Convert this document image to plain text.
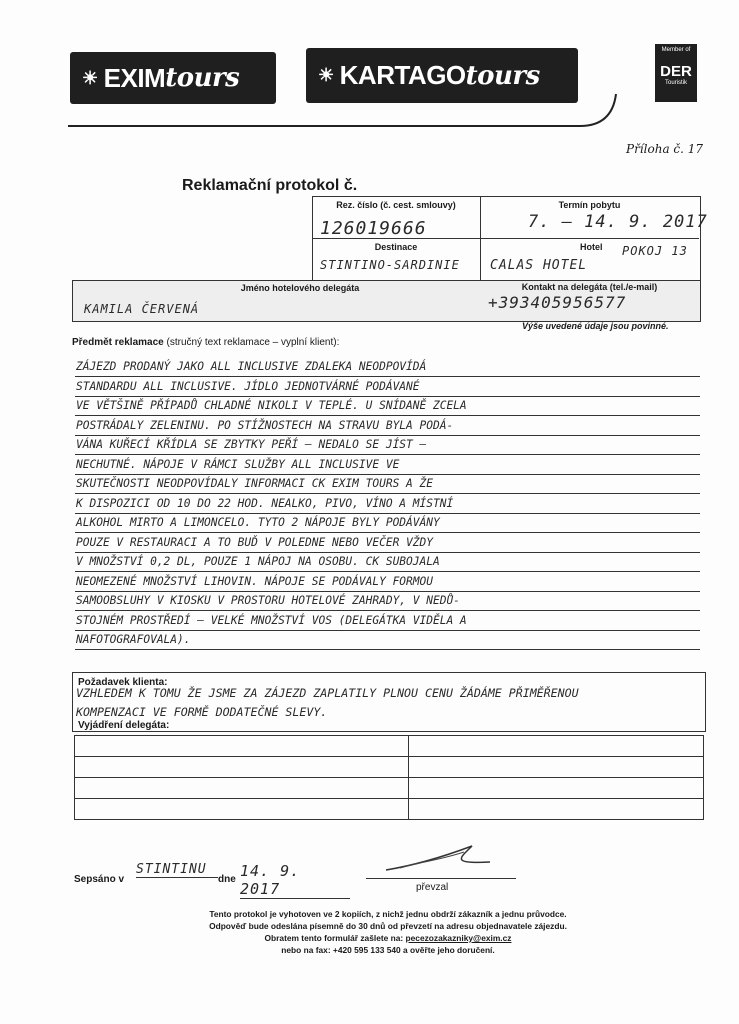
☀ EXIM tours	☀ KARTAGO tours
Member of
DER
Touristik
Příloha č. 17
Reklamační protokol č.
Rez. číslo (č. cest. smlouvy)
126019666
Termín pobytu
7. – 14. 9. 2017
Destinace
STINTINO-SARDINIE
Hotel
CALAS HOTEL
POKOJ 13
Jméno hotelového delegáta
KAMILA ČERVENÁ
Kontakt na delegáta (tel./e-mail)
+393405956577
Výše uvedené údaje jsou povinné.
Předmět reklamace (stručný text reklamace – vyplní klient):
ZÁJEZD PRODANÝ JAKO ALL INCLUSIVE ZDALEKA NEODPOVÍDÁ
STANDARDU ALL INCLUSIVE. JÍDLO JEDNOTVÁRNÉ PODÁVANÉ
VE VĚTŠINĚ PŘÍPADŮ CHLADNÉ NIKOLI V TEPLÉ. U SNÍDANĚ ZCELA
POSTRÁDALY ZELENINU. PO STÍŽNOSTECH NA STRAVU BYLA PODÁ-
VÁNA KUŘECÍ KŘÍDLA SE ZBYTKY PEŘÍ – NEDALO SE JÍST –
NECHUTNÉ. NÁPOJE V RÁMCI SLUŽBY ALL INCLUSIVE VE
SKUTEČNOSTI NEODPOVÍDALY INFORMACI CK EXIM TOURS A ŽE
K DISPOZICI OD 10 DO 22 HOD. NEALKO, PIVO, VÍNO A MÍSTNÍ
ALKOHOL MIRTO A LIMONCELO. TYTO 2 NÁPOJE BYLY PODÁVÁNY
POUZE V RESTAURACI A TO BUĎ V POLEDNE NEBO VEČER VŽDY
V MNOŽSTVÍ 0,2 DL, POUZE 1 NÁPOJ NA OSOBU. CK SUBOJALA
NEOMEZENÉ MNOŽSTVÍ LIHOVIN. NÁPOJE SE PODÁVALY FORMOU
SAMOOBSLUHY V KIOSKU V PROSTORU HOTELOVÉ ZAHRADY, V NEDŮ-
STOJNÉM PROSTŘEDÍ – VELKÉ MNOŽSTVÍ VOS (DELEGÁTKA VIDĚLA A
NAFOTOGRAFOVALA).
Požadavek klienta:
VZHLEDEM K TOMU ŽE JSME ZA ZÁJEZD ZAPLATILY PLNOU CENU ŽÁDÁME PŘIMĚŘENOU
KOMPENZACI VE FORMĚ DODATEČNÉ SLEVY.
Vyjádření delegáta:

Sepsáno v
STINTINU
dne 14. 9. 2017	převzal
Tento protokol je vyhotoven ve 2 kopiích, z nichž jednu obdrží zákazník a jednu průvodce.
Odpověď bude odeslána písemně do 30 dnů od převzetí na adresu objednavatele zájezdu.
Obratem tento formulář zašlete na: pecezozakazniky@exim.cz
nebo na fax: +420 595 133 540 a ověřte jeho doručení.
